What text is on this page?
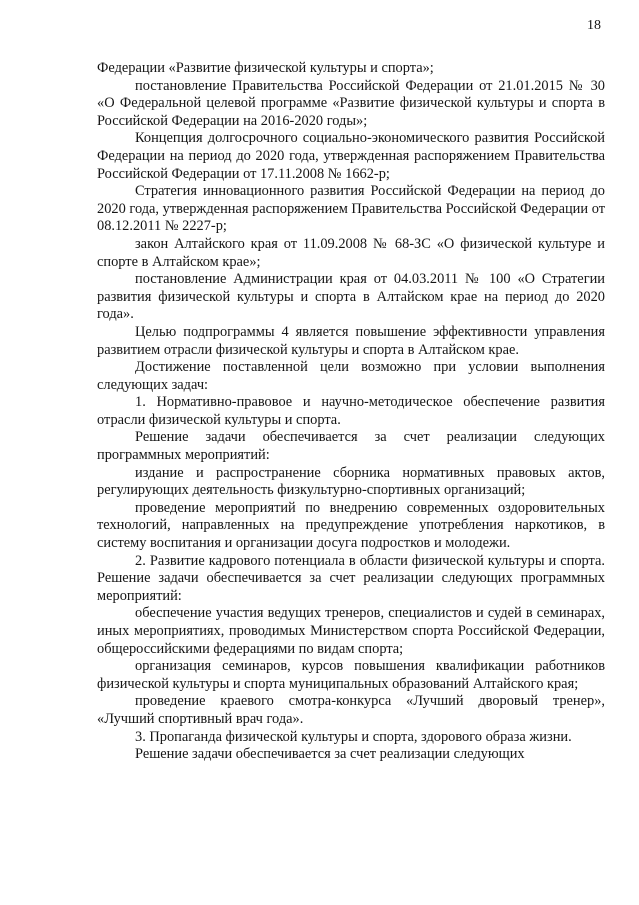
18

Федерации «Развитие физической культуры и спорта»;

постановление Правительства Российской Федерации от 21.01.2015 № 30 «О Федеральной целевой программе «Развитие физической культуры и спорта в Российской Федерации на 2016-2020 годы»;

Концепция долгосрочного социально-экономического развития Российской Федерации на период до 2020 года, утвержденная распоряжением Правительства Российской Федерации от 17.11.2008 № 1662-р;

Стратегия инновационного развития Российской Федерации на период до 2020 года, утвержденная распоряжением Правительства Российской Федерации от 08.12.2011 № 2227-р;

закон Алтайского края от 11.09.2008 № 68-ЗС «О физической культуре и спорте в Алтайском крае»;

постановление Администрации края от 04.03.2011 № 100 «О Стратегии развития физической культуры и спорта в Алтайском крае на период до 2020 года».

Целью подпрограммы 4 является повышение эффективности управления развитием отрасли физической культуры и спорта в Алтайском крае.

Достижение поставленной цели возможно при условии выполнения следующих задач:

1. Нормативно-правовое и научно-методическое обеспечение развития отрасли физической культуры и спорта.

Решение задачи обеспечивается за счет реализации следующих программных мероприятий:

издание и распространение сборника нормативных правовых актов, регулирующих деятельность физкультурно-спортивных организаций;

проведение мероприятий по внедрению современных оздоровительных технологий, направленных на предупреждение употребления наркотиков, в систему воспитания и организации досуга подростков и молодежи.

2. Развитие кадрового потенциала в области физической культуры и спорта. Решение задачи обеспечивается за счет реализации следующих программных мероприятий:

обеспечение участия ведущих тренеров, специалистов и судей в семинарах, иных мероприятиях, проводимых Министерством спорта Российской Федерации, общероссийскими федерациями по видам спорта;

организация семинаров, курсов повышения квалификации работников физической культуры и спорта муниципальных образований Алтайского края;

проведение краевого смотра-конкурса «Лучший дворовый тренер», «Лучший спортивный врач года».

3. Пропаганда физической культуры и спорта, здорового образа жизни.

Решение задачи обеспечивается за счет реализации следующих
